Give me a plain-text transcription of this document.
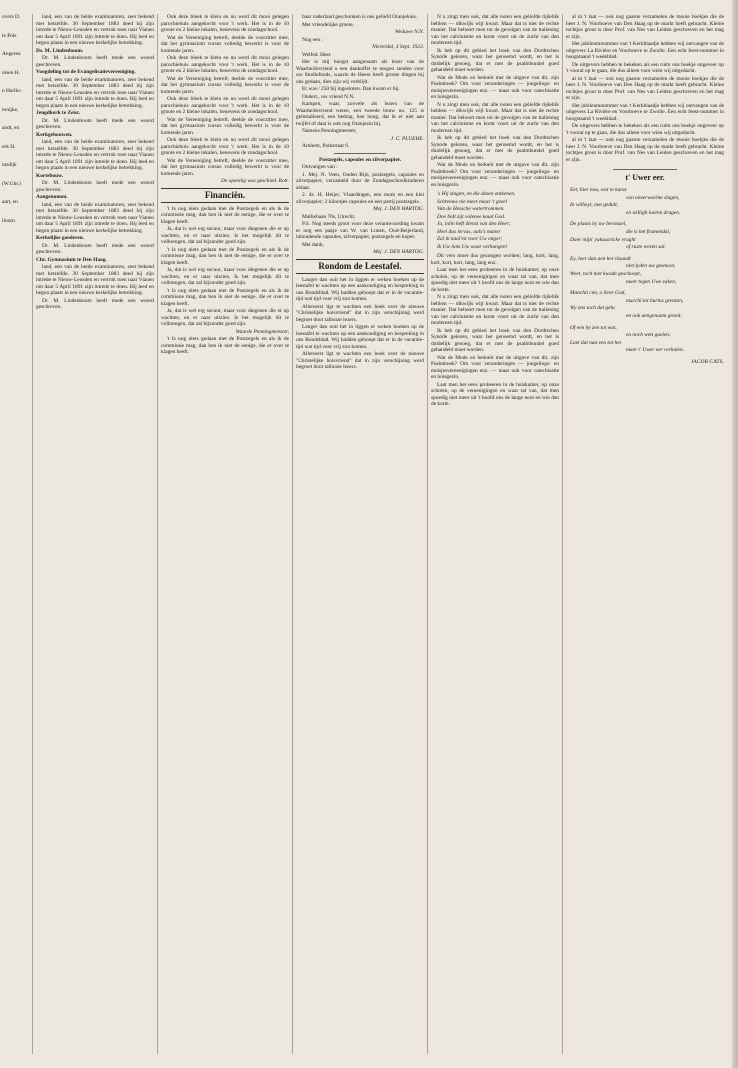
overs D.
le Pols
Angereu
olsen H.
n Harlin-
tonijke,
andt, en
erk H.
ntsdijk
(W.Gbr.)
aart, en
lloorn

land, een van de beide examinatoren, zeer bekend met hetzelfde. 30 September 1883 deed hij zijn intrede te Nieuw-Leusden en vertrok toen naar Vianen om daar 5 April 1891 zijn intrede te doen. Hij leed en begon plaats in een nieuwe kerkelijke betrekking.

Ds. M. Lindenboom.

Dr. M. Lindenboom heeft mede een woord geschreven.

Voogdeling tot de Evangelisatievereeniging.

land, een van de beide examinatoren, zeer bekend met hetzelfde. 30 September 1883 deed hij zijn intrede te Nieuw-Leusden en vertrok toen naar Vianen om daar 5 April 1891 zijn intrede te doen. Hij leed en begon plaats in een nieuwe kerkelijke betrekking.

Jeugdkerk te Zeist.

Dr. M. Lindenboom heeft mede een woord geschreven.

Kerkgebouwen.

land, een van de beide examinatoren, zeer bekend met hetzelfde. 30 September 1883 deed hij zijn intrede te Nieuw-Leusden en vertrok toen naar Vianen om daar 5 April 1891 zijn intrede te doen. Hij leed en begon plaats in een nieuwe kerkelijke betrekking.

Kortebouw.

Dr. M. Lindenboom heeft mede een woord geschreven.

Aangenomen.

land, een van de beide examinatoren, zeer bekend met hetzelfde. 30 September 1883 deed hij zijn intrede te Nieuw-Leusden en vertrok toen naar Vianen om daar 5 April 1891 zijn intrede te doen. Hij leed en begon plaats in een nieuwe kerkelijke betrekking.

Kerkelijke goederen.

Dr. M. Lindenboom heeft mede een woord geschreven.

Chr. Gymnasium te Den Haag.

land, een van de beide examinatoren, zeer bekend met hetzelfde. 30 September 1883 deed hij zijn intrede te Nieuw-Leusden en vertrok toen naar Vianen om daar 5 April 1891 zijn intrede te doen. Hij leed en begon plaats in een nieuwe kerkelijke betrekking.

Dr. M. Lindenboom heeft mede een woord geschreven.

Ook deze bleek te klein en nu werd dit mooi gelegen parochiehuis aangekocht voor 't werk. Het is in de 10 groote en 2 kleine lokalen, benevens de zondagschool.

Wat de Vereeniging betreft, deelde de voorzitter mee, dat het gymnasium cursus volledig bewerkt is voor de komende jaren.

Ook deze bleek te klein en nu werd dit mooi gelegen parochiehuis aangekocht voor 't werk. Het is in de 10 groote en 2 kleine lokalen, benevens de zondagschool.

Wat de Vereeniging betreft, deelde de voorzitter mee, dat het gymnasium cursus volledig bewerkt is voor de komende jaren.

Ook deze bleek te klein en nu werd dit mooi gelegen parochiehuis aangekocht voor 't werk. Het is in de 10 groote en 2 kleine lokalen, benevens de zondagschool.

Wat de Vereeniging betreft, deelde de voorzitter mee, dat het gymnasium cursus volledig bewerkt is voor de komende jaren.

Ook deze bleek te klein en nu werd dit mooi gelegen parochiehuis aangekocht voor 't werk. Het is in de 10 groote en 2 kleine lokalen, benevens de zondagschool.

Wat de Vereeniging betreft, deelde de voorzitter mee, dat het gymnasium cursus volledig bewerkt is voor de komende jaren.

De opening was geschied. Rott.

Financiën.

't Is nog niets gedaan met de Postzegels en als ik de commissie mag, dan ben ik niet de eenige, die er over te klagen heeft.

Ja, dat is wel erg secuur, maar voor diegenen die er op wachten, en er naar uitzien. Is het mogelijk dit te volbrengen, dat zal bijzonder goed zijn.

't Is nog niets gedaan met de Postzegels en als ik de commissie mag, dan ben ik niet de eenige, die er over te klagen heeft.

Ja, dat is wel erg secuur, maar voor diegenen die er op wachten, en er naar uitzien. Is het mogelijk dit te volbrengen, dat zal bijzonder goed zijn.

't Is nog niets gedaan met de Postzegels en als ik de commissie mag, dan ben ik niet de eenige, die er over te klagen heeft.

Ja, dat is wel erg secuur, maar voor diegenen die er op wachten, en er naar uitzien. Is het mogelijk dit te volbrengen, dat zal bijzonder goed zijn.

Waarde Penningmeester,

't Is nog niets gedaan met de Postzegels en als ik de commissie mag, dan ben ik niet de eenige, die er over te klagen heeft.

baar vaderland geschonken is ons geliefd Oranjehuis.

Met vriendelijke groete,

Weduwe N.N.

Nog een :

Nieverdal, 4 Sept. 1923.

Welfed. Heer.

Het is mij hoogst aangenaam als lezer van de Waarheidsvriend u een dankoffer te mogen zenden voor uw Studiefonds, waarin de Heere heeft groote dingen bij ons gedaan, dies zijn wij verblijd.

Er was / 250 bij ingesloten. Dan kwam er bij.

Ondert., uw vriend N.N.

Kampen, waar, zoovele als lezers van de Waarheidsvriend weten, een tweede bouw no. 125 is geïnstalleerd, een bedrag, hoe hoog, dat ik er niet aan twijfel of daar is ook nog Oranjezin bij.

Namens Penningmeester,

J. C. PLUEHE.

Arnhem, Parkstraat 6.

Postzegels, capsules en zilverpapier.

Ontvangen van :

1. Mej. N. Veen, Ouden Rijn, postzegels, capsules en zilverpapier, verzameld door de Zondagsschoolkinderen aldaar.

2. ds. H. Heijer, Vlaardingen, een munt en een klei zilverpapier; 2 kilootjes capsules en een partij postzegels.

Mej. J. DEN HARTOG.

Malliebaan 70s, Utrecht.

P.S. Nog steeds groot voor deze verantwoording kwam er nog een pakje van W. van Lunen, Oud-Beijerland, inhoudende capsules, zilverpapier, postzegels en koper.

Met dank,

Mej. J. DEN HARTOG.

Rondom de Leestafel.

Langer dan ooit het in liggen er weken boeken op de leestafel te wachten op een aankondiging en bespreking in ons Bondsblad. Wij hadden gehoopt dat er in de vacantie-tijd wat tijd voor vrij zou komen.

Allereerst ligt te wachten een boek over de nieuwe "Christelijke huisvriend" dat in zijn verschijning werd begroet door tallooze lezers.

Langer dan ooit het in liggen er weken boeken op de leestafel te wachten op een aankondiging en bespreking in ons Bondsblad. Wij hadden gehoopt dat er in de vacantie-tijd wat tijd voor vrij zou komen.

Allereerst ligt te wachten een boek over de nieuwe "Christelijke huisvriend" dat in zijn verschijning werd begroet door tallooze lezers.

N u zingt men ook, dat alle noten een geliefde tijdeliik hebben — dikwijls wijl kwart. Maar dat is niet de rechte manier. Dat behoort men tot de gevolgen van de ttaliening van het calvinisme en komt voort uit de zucht van den modernen tijd.

Ik heb op dit gebied het boek van den Dordtschen Synode gelezen, waar het genoemd wordt, en het is duidelijk genoeg, dat er met de psalmbundel goed gehandeld moet worden.

Wat de Mode en bedoelt met de uitgave van dit, zijn Psalmboek? Om voor veranderingen — jongelings- en meisjesvereenigingen enz. — maar ook voor catechisatie en huisgezin.

N u zingt men ook, dat alle noten een geliefde tijdeliik hebben — dikwijls wijl kwart. Maar dat is niet de rechte manier. Dat behoort men tot de gevolgen van de ttaliening van het calvinisme en komt voort uit de zucht van den modernen tijd.

Ik heb op dit gebied het boek van den Dordtschen Synode gelezen, waar het genoemd wordt, en het is duidelijk genoeg, dat er met de psalmbundel goed gehandeld moet worden.

Wat de Mode en bedoelt met de uitgave van dit, zijn Psalmboek? Om voor veranderingen — jongelings- en meisjesvereenigingen enz. — maar ook voor catechisatie en huisgezin.

's Hij zingen, en die dezen ontkenen,

Schreeuw nie meer maar 't gezel

Van de Hessche watertrommen.

Doe bidt zijt volenee koud God.

Ja, inlin heft dienst van den Heer;

Heel dus lervas, aals's maner

Zal ik naal'en voor Uw onger;

Ik Uw hols Uw waar verhangen!

Dit vers moet dus gezongen worden; lang, kort, lang, kort, kort, kort, lang, lang enz.

Laat men het eens probeeren in de huiskamer, op onze scholen, op de vereenigingen en waar tal van, dat men spoedig niet meer uit 't hoofd ons de lange noot en wie dan de korte.

N u zingt men ook, dat alle noten een geliefde tijdeliik hebben — dikwijls wijl kwart. Maar dat is niet de rechte manier. Dat behoort men tot de gevolgen van de ttaliening van het calvinisme en komt voort uit de zucht van den modernen tijd.

Ik heb op dit gebied het boek van den Dordtschen Synode gelezen, waar het genoemd wordt, en het is duidelijk genoeg, dat er met de psalmbundel goed gehandeld moet worden.

Wat de Mode en bedoelt met de uitgave van dit, zijn Psalmboek? Om voor veranderingen — jongelings- en meisjesvereenigingen enz. — maar ook voor catechisatie en huisgezin.

Laat men het eens probeeren in de huiskamer, op onze scholen, op de vereenigingen en waar tal van, dat men spoedig niet meer uit 't hoofd ons de lange noot en wie dan de korte.

al in 't laat — ook nog gaarne verzamelen de mooie boekjes die de heer J. N. Voorhoeve van Den Haag op de markt heeft gebracht. Kleine tochtjes groot is door Prof. van Nes van Leiden geschreven en het mag er zijn.

Het jubileumnummer van 't Kerkblaadje hebben wij ontvangen van de uitgevers La Rivière en Voorhoeve te Zwolle. Een echt feest-nummer in hoogstaand 't weekblad.

De uitgevers hebben te bekeken als een ruim ons boekje ongeveer op 't vooral op te gaan, die dus alleen voor wien wij uitgedacht.

al in 't laat — ook nog gaarne verzamelen de mooie boekjes die de heer J. N. Voorhoeve van Den Haag op de markt heeft gebracht. Kleine tochtjes groot is door Prof. van Nes van Leiden geschreven en het mag er zijn.

Het jubileumnummer van 't Kerkblaadje hebben wij ontvangen van de uitgevers La Rivière en Voorhoeve te Zwolle. Een echt feest-nummer in hoogstaand 't weekblad.

De uitgevers hebben te bekeken als een ruim ons boekje ongeveer op 't vooral op te gaan, die dus alleen voor wien wij uitgedacht.

al in 't laat — ook nog gaarne verzamelen de mooie boekjes die de heer J. N. Voorhoeve van Den Haag op de markt heeft gebracht. Kleine tochtjes groot is door Prof. van Nes van Leiden geschreven en het mag er zijn.

t' Uwer eer.
Eer, hier nou, wat te kunst
van onverwachte slagen,
In wilheyt, met gedult,
en willigh loeren dragen.
De plaats by uw bevonzel,
die is het framendal,
Daer mijn' yuhaucticke vraght
of ruste wezen sal.
Ey, loer dan aen het vlaandt
niet lyden uw gesmoot,
Weet, toch niet kwade geschoept,
maer tegen Uwe zaken,
Manchit cen, o lieve God,
macchi tot burlus grenzen,
Wy ons toch dat gelu
en ook aengenaam groeit.
Of een by zen tot wat,
en noch wett gaelen;
Laet dat naa een tot het
maer t' Uwer eer verhalen.

JACOB CATS.
